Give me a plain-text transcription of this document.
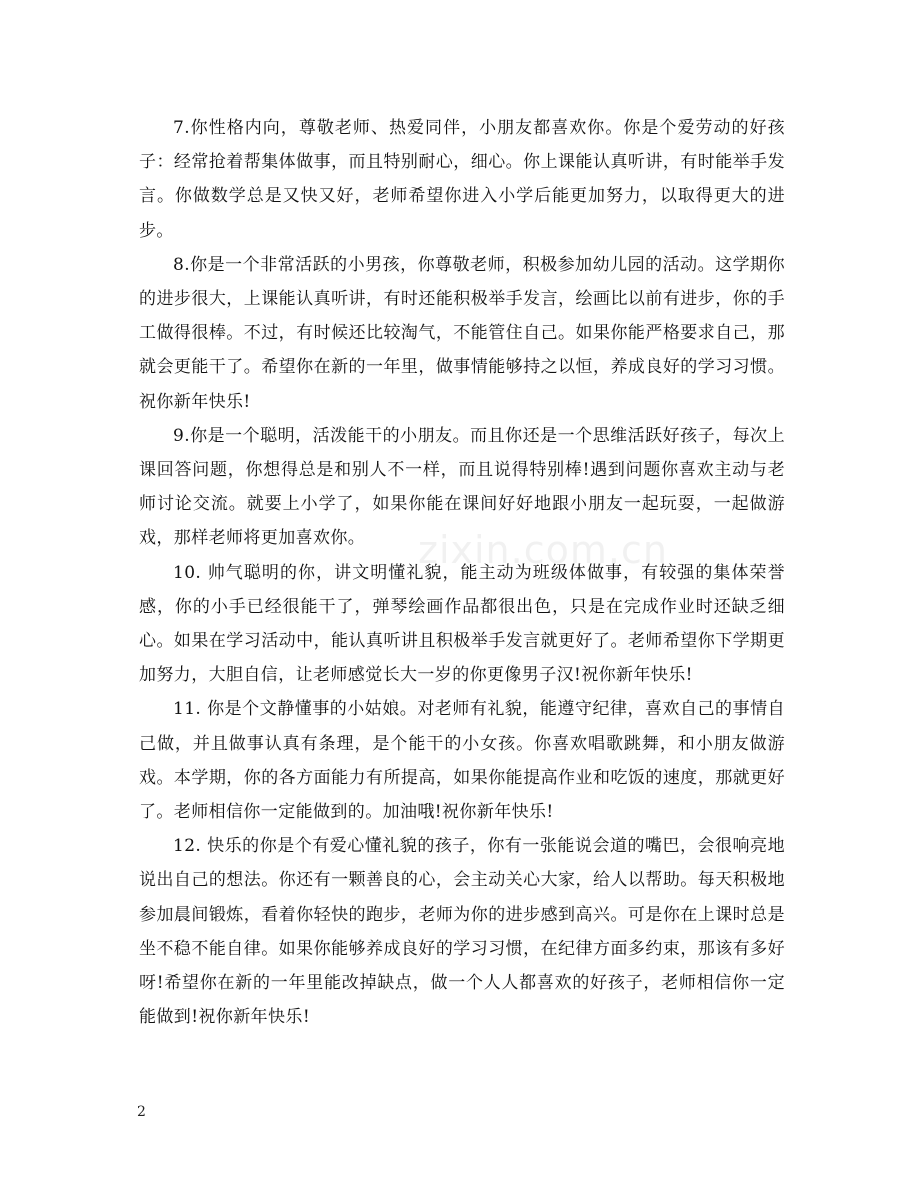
7.你性格内向，尊敬老师、热爱同伴，小朋友都喜欢你。你是个爱劳动的好孩子：经常抢着帮集体做事，而且特别耐心，细心。你上课能认真听讲，有时能举手发言。你做数学总是又快又好，老师希望你进入小学后能更加努力，以取得更大的进步。

8.你是一个非常活跃的小男孩，你尊敬老师，积极参加幼儿园的活动。这学期你的进步很大，上课能认真听讲，有时还能积极举手发言，绘画比以前有进步，你的手工做得很棒。不过，有时候还比较淘气，不能管住自己。如果你能严格要求自己，那就会更能干了。希望你在新的一年里，做事情能够持之以恒，养成良好的学习习惯。祝你新年快乐!

9.你是一个聪明，活泼能干的小朋友。而且你还是一个思维活跃好孩子，每次上课回答问题，你想得总是和别人不一样，而且说得特别棒!遇到问题你喜欢主动与老师讨论交流。就要上小学了，如果你能在课间好好地跟小朋友一起玩耍，一起做游戏，那样老师将更加喜欢你。

10. 帅气聪明的你，讲文明懂礼貌，能主动为班级体做事，有较强的集体荣誉感，你的小手已经很能干了，弹琴绘画作品都很出色，只是在完成作业时还缺乏细心。如果在学习活动中，能认真听讲且积极举手发言就更好了。老师希望你下学期更加努力，大胆自信，让老师感觉长大一岁的你更像男子汉!祝你新年快乐!

11. 你是个文静懂事的小姑娘。对老师有礼貌，能遵守纪律，喜欢自己的事情自己做，并且做事认真有条理，是个能干的小女孩。你喜欢唱歌跳舞，和小朋友做游戏。本学期，你的各方面能力有所提高，如果你能提高作业和吃饭的速度，那就更好了。老师相信你一定能做到的。加油哦!祝你新年快乐!

12. 快乐的你是个有爱心懂礼貌的孩子，你有一张能说会道的嘴巴，会很响亮地说出自己的想法。你还有一颗善良的心，会主动关心大家，给人以帮助。每天积极地参加晨间锻炼，看着你轻快的跑步，老师为你的进步感到高兴。可是你在上课时总是坐不稳不能自律。如果你能够养成良好的学习习惯，在纪律方面多约束，那该有多好呀!希望你在新的一年里能改掉缺点，做一个人人都喜欢的好孩子，老师相信你一定能做到!祝你新年快乐!

zixin.com.cn
2
